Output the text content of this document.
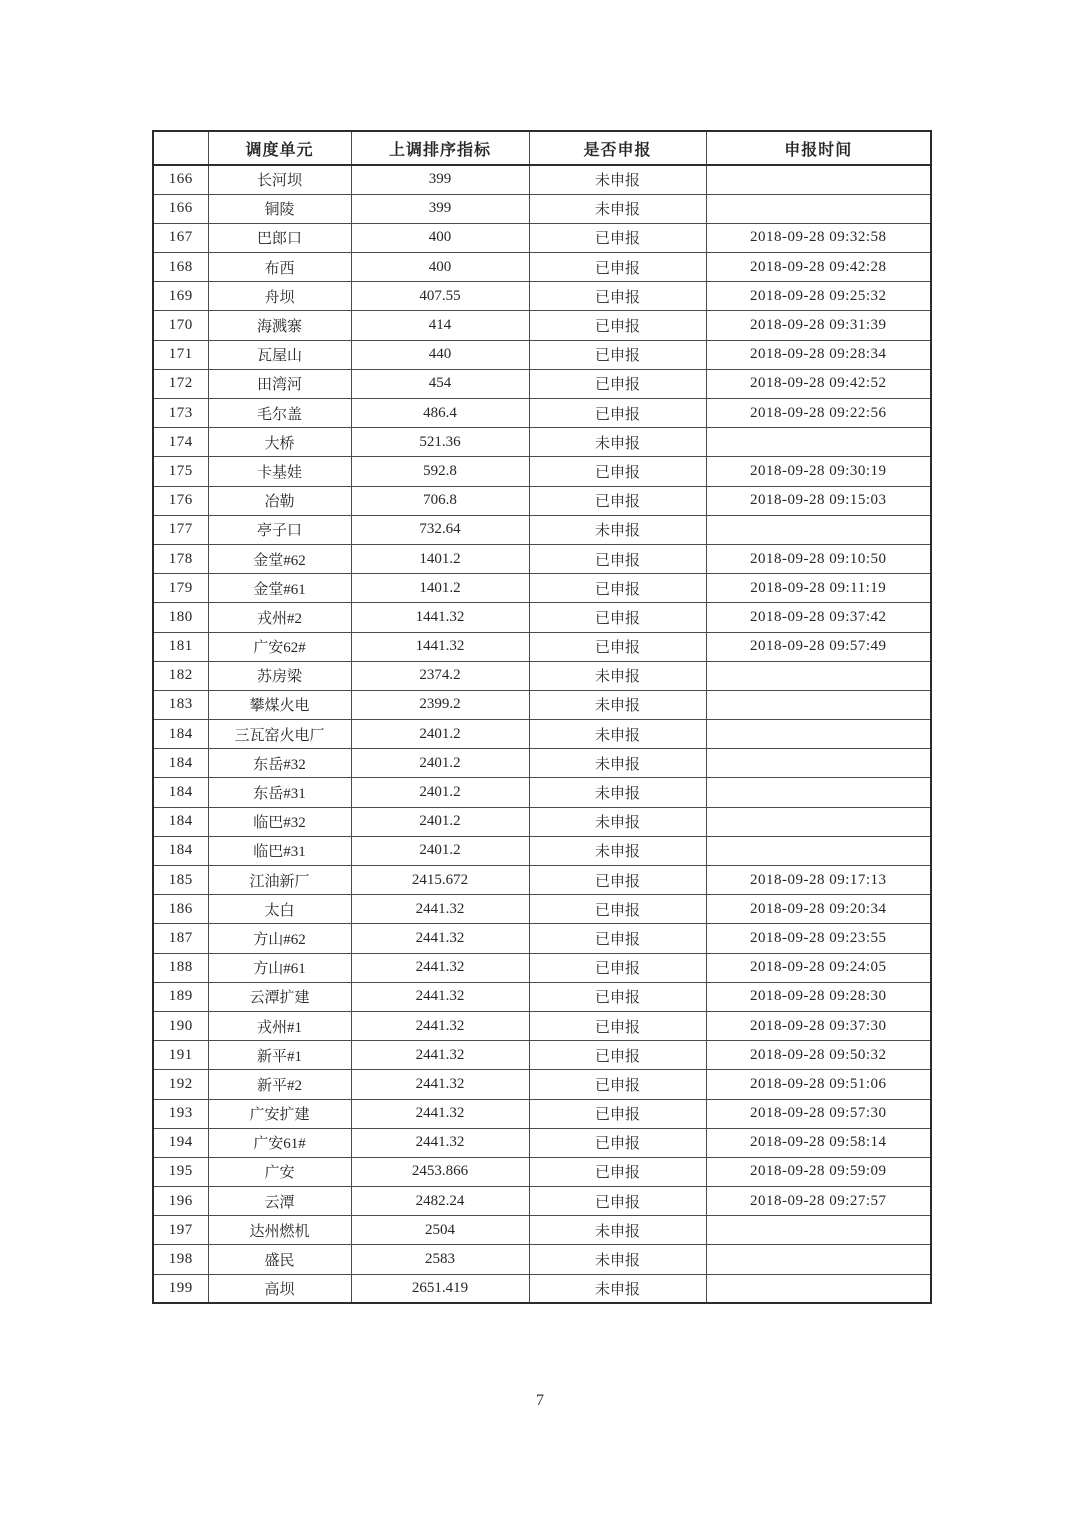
	调度单元	上调排序指标	是否申报	申报时间
166	长河坝	399	未申报	
166	铜陵	399	未申报	
167	巴郎口	400	已申报	2018-09-28 09:32:58
168	布西	400	已申报	2018-09-28 09:42:28
169	舟坝	407.55	已申报	2018-09-28 09:25:32
170	海溅寨	414	已申报	2018-09-28 09:31:39
171	瓦屋山	440	已申报	2018-09-28 09:28:34
172	田湾河	454	已申报	2018-09-28 09:42:52
173	毛尔盖	486.4	已申报	2018-09-28 09:22:56
174	大桥	521.36	未申报	
175	卡基娃	592.8	已申报	2018-09-28 09:30:19
176	冶勒	706.8	已申报	2018-09-28 09:15:03
177	亭子口	732.64	未申报	
178	金堂#62	1401.2	已申报	2018-09-28 09:10:50
179	金堂#61	1401.2	已申报	2018-09-28 09:11:19
180	戎州#2	1441.32	已申报	2018-09-28 09:37:42
181	广安62#	1441.32	已申报	2018-09-28 09:57:49
182	苏房梁	2374.2	未申报	
183	攀煤火电	2399.2	未申报	
184	三瓦窑火电厂	2401.2	未申报	
184	东岳#32	2401.2	未申报	
184	东岳#31	2401.2	未申报	
184	临巴#32	2401.2	未申报	
184	临巴#31	2401.2	未申报	
185	江油新厂	2415.672	已申报	2018-09-28 09:17:13
186	太白	2441.32	已申报	2018-09-28 09:20:34
187	方山#62	2441.32	已申报	2018-09-28 09:23:55
188	方山#61	2441.32	已申报	2018-09-28 09:24:05
189	云潭扩建	2441.32	已申报	2018-09-28 09:28:30
190	戎州#1	2441.32	已申报	2018-09-28 09:37:30
191	新平#1	2441.32	已申报	2018-09-28 09:50:32
192	新平#2	2441.32	已申报	2018-09-28 09:51:06
193	广安扩建	2441.32	已申报	2018-09-28 09:57:30
194	广安61#	2441.32	已申报	2018-09-28 09:58:14
195	广安	2453.866	已申报	2018-09-28 09:59:09
196	云潭	2482.24	已申报	2018-09-28 09:27:57
197	达州燃机	2504	未申报	
198	盛民	2583	未申报	
199	高坝	2651.419	未申报	
7
